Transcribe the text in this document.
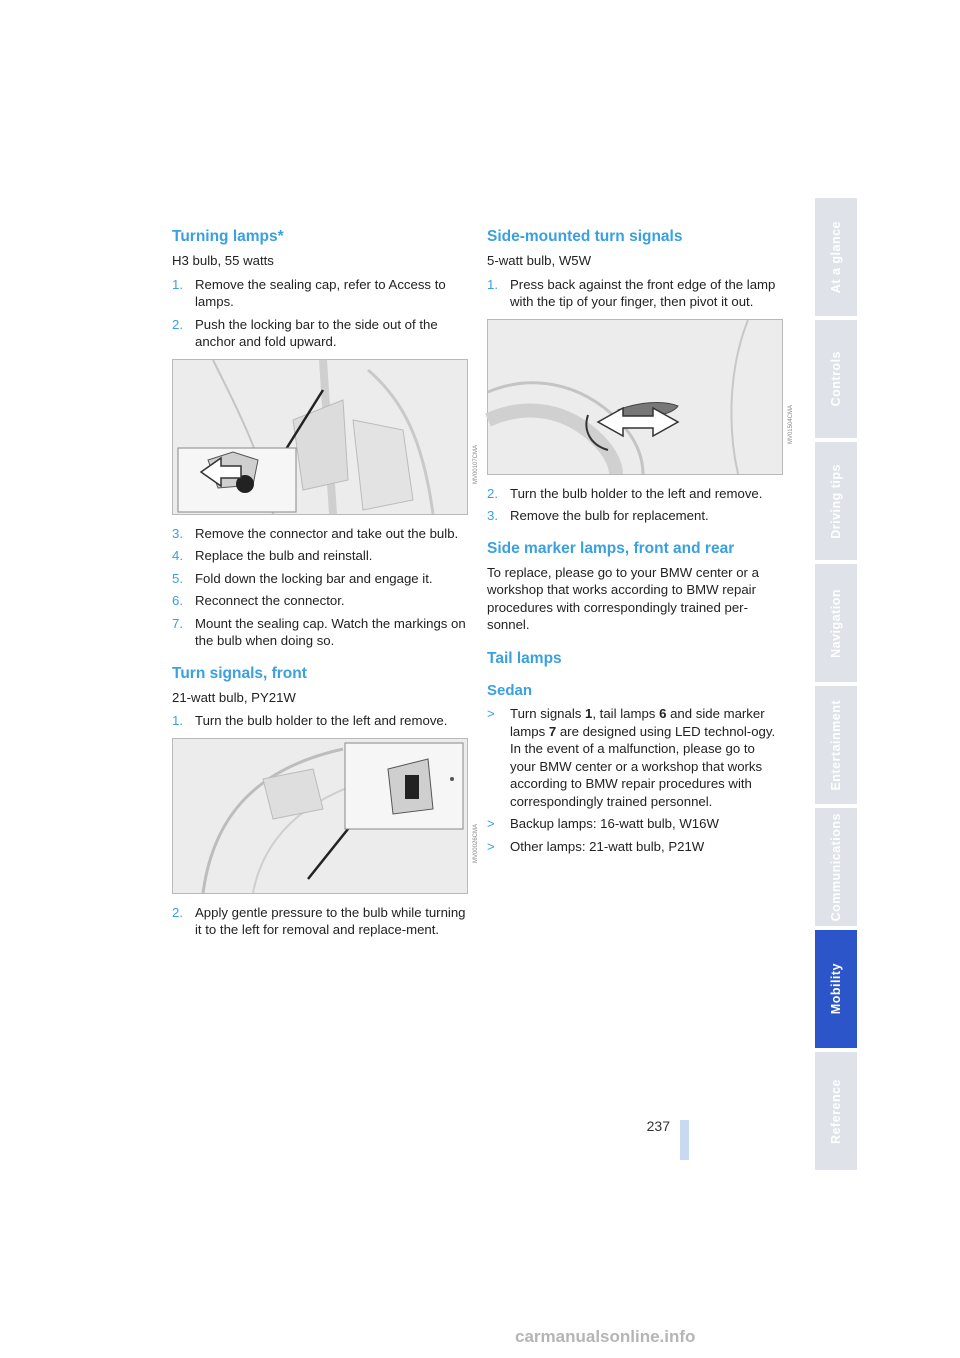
Turning lamps*

H3 bulb, 55 watts

1. Remove the sealing cap, refer to Access to lamps.
2. Push the locking bar to the side out of the anchor and fold upward.
MV00107CMA
3. Remove the connector and take out the bulb.
4. Replace the bulb and reinstall.
5. Fold down the locking bar and engage it.
6. Reconnect the connector.
7. Mount the sealing cap. Watch the markings on the bulb when doing so.
Turn signals, front

21-watt bulb, PY21W

1. Turn the bulb holder to the left and remove.
MV00026CMA
2. Apply gentle pressure to the bulb while turning it to the left for removal and replace-ment.
Side-mounted turn signals

5-watt bulb, W5W

1. Press back against the front edge of the lamp with the tip of your finger, then pivot it out.
MV01504CMA
2. Turn the bulb holder to the left and remove.
3. Remove the bulb for replacement.
Side marker lamps, front and rear

To replace, please go to your BMW center or a workshop that works according to BMW repair procedures with correspondingly trained per-sonnel.

Tail lamps
Sedan
>	Turn signals 1, tail lamps 6 and side marker lamps 7 are designed using LED technol-ogy. In the event of a malfunction, please go to your BMW center or a workshop that works according to BMW repair procedures with correspondingly trained personnel.
>	Backup lamps: 16-watt bulb, W16W
>	Other lamps: 21-watt bulb, P21W
At a glance
Controls
Driving tips
Navigation
Entertainment
Communications
Mobility
Reference
237
carmanualsonline.info
